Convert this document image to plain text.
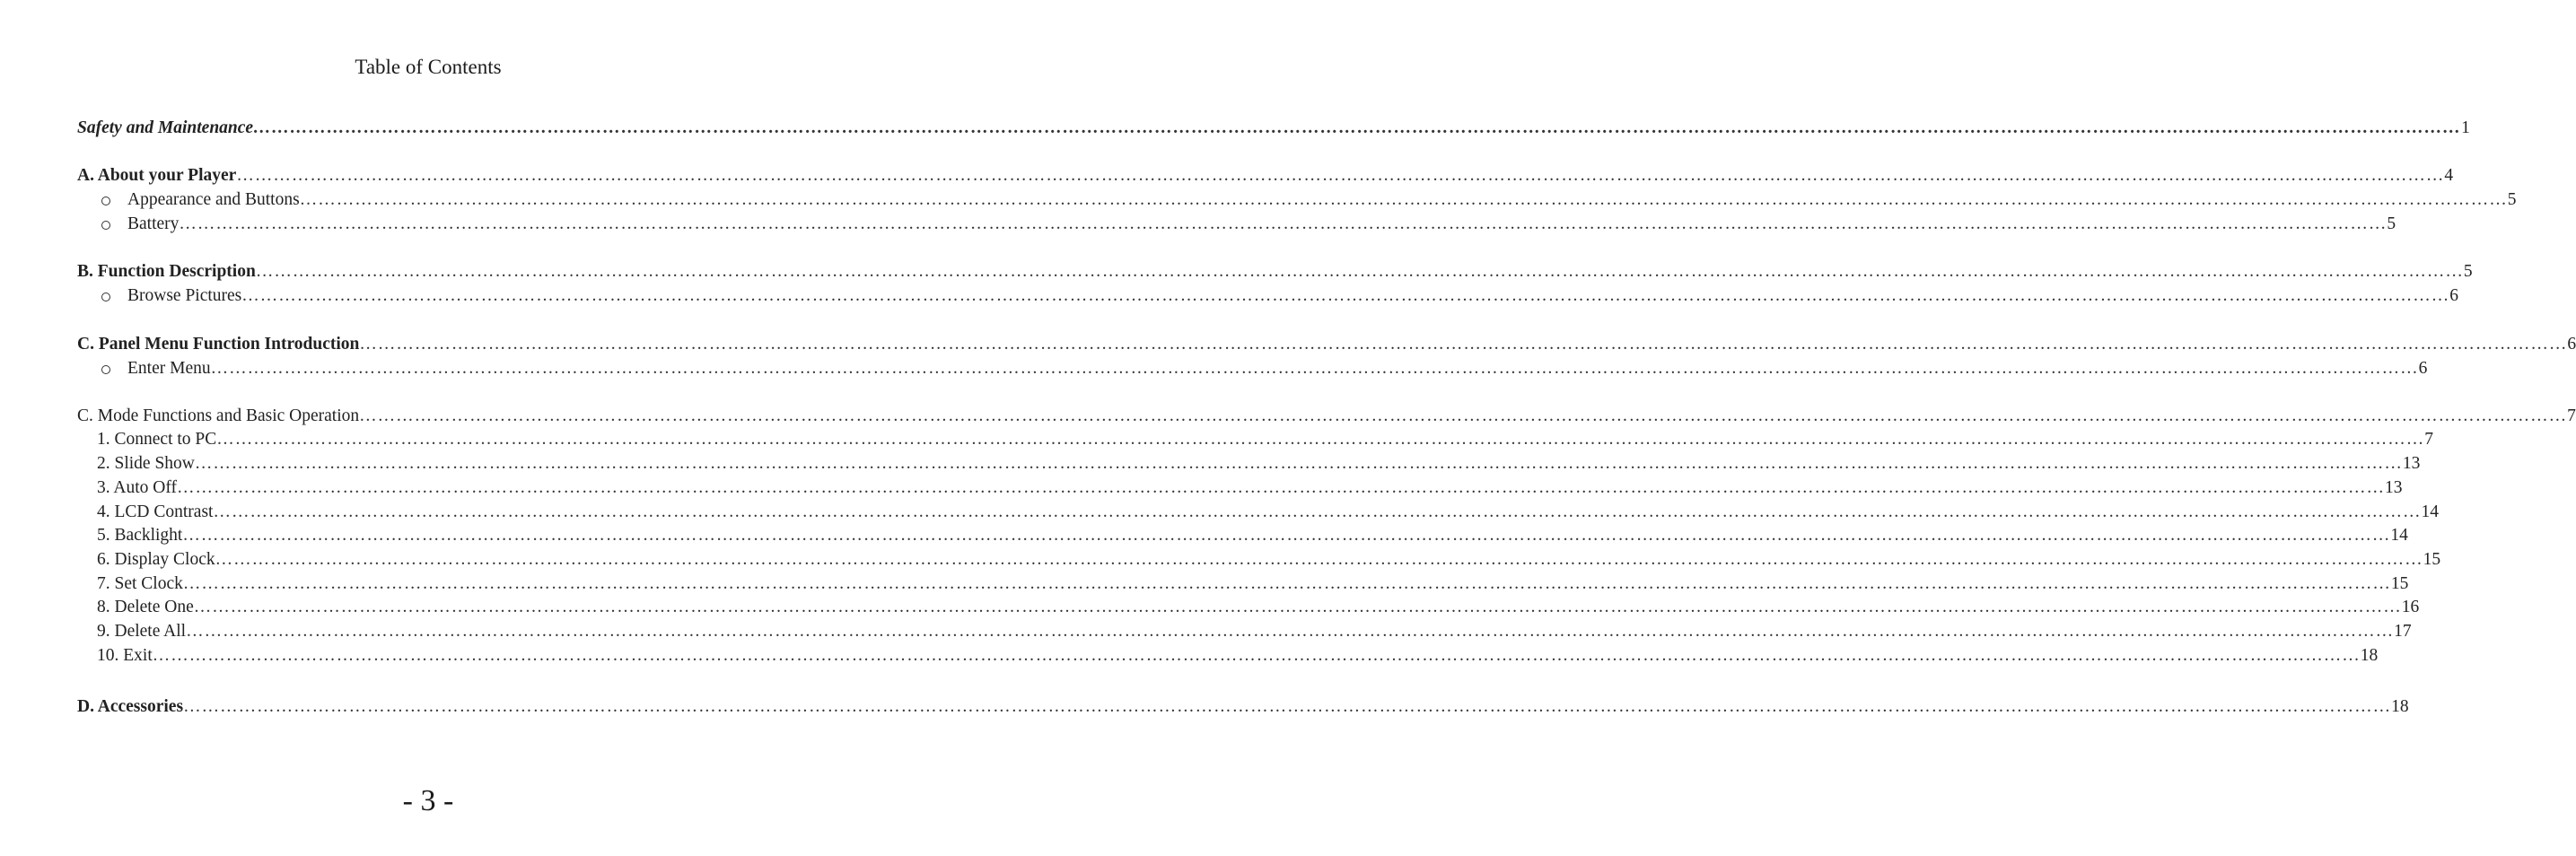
Table of Contents
Safety and Maintenance ……………………………………………………………………………………………………………………………………………………………………………………………………………………………………………………………………………………………………………………………… 1
A. About your Player ……………………………………………………………………………………………………………………………………………………………………………………………………………………………………………………………………………………………………………………………… 4
Appearance and Buttons ……………………………………………………………………………………………………………………………………………………………………………………………………………………………………………………………………………………………………………………………… 5
Battery ……………………………………………………………………………………………………………………………………………………………………………………………………………………………………………………………………………………………………………………………… 5
B. Function Description ……………………………………………………………………………………………………………………………………………………………………………………………………………………………………………………………………………………………………………………………… 5
Browse Pictures ……………………………………………………………………………………………………………………………………………………………………………………………………………………………………………………………………………………………………………………………… 6
C. Panel Menu Function Introduction ……………………………………………………………………………………………………………………………………………………………………………………………………………………………………………………………………………………………………………………………… 6
Enter Menu ……………………………………………………………………………………………………………………………………………………………………………………………………………………………………………………………………………………………………………………………… 6
C. Mode Functions and Basic Operation ……………………………………………………………………………………………………………………………………………………………………………………………………………………………………………………………………………………………………………………………… 7
1. Connect to PC ……………………………………………………………………………………………………………………………………………………………………………………………………………………………………………………………………………………………………………………………… 7
2. Slide Show ……………………………………………………………………………………………………………………………………………………………………………………………………………………………………………………………………………………………………………………………… 13
3. Auto Off ……………………………………………………………………………………………………………………………………………………………………………………………………………………………………………………………………………………………………………………………… 13
4. LCD Contrast ……………………………………………………………………………………………………………………………………………………………………………………………………………………………………………………………………………………………………………………………… 14
5. Backlight ……………………………………………………………………………………………………………………………………………………………………………………………………………………………………………………………………………………………………………………………… 14
6. Display Clock ……………………………………………………………………………………………………………………………………………………………………………………………………………………………………………………………………………………………………………………………… 15
7. Set Clock ……………………………………………………………………………………………………………………………………………………………………………………………………………………………………………………………………………………………………………………………… 15
8. Delete One ……………………………………………………………………………………………………………………………………………………………………………………………………………………………………………………………………………………………………………………………… 16
9. Delete All ……………………………………………………………………………………………………………………………………………………………………………………………………………………………………………………………………………………………………………………………… 17
10. Exit ……………………………………………………………………………………………………………………………………………………………………………………………………………………………………………………………………………………………………………………………… 18
D. Accessories ……………………………………………………………………………………………………………………………………………………………………………………………………………………………………………………………………………………………………………………………… 18
- 3 -
